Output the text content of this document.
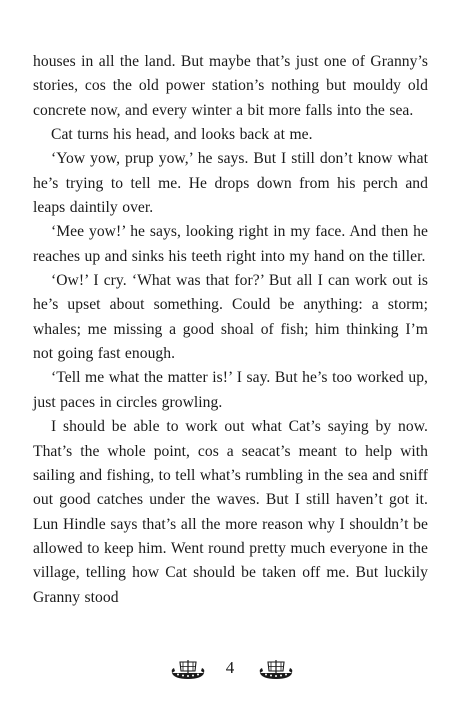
houses in all the land. But maybe that’s just one of Granny’s stories, cos the old power station’s nothing but mouldy old concrete now, and every winter a bit more falls into the sea.

Cat turns his head, and looks back at me.

‘Yow yow, prup yow,’ he says. But I still don’t know what he’s trying to tell me. He drops down from his perch and leaps daintily over.

‘Mee yow!’ he says, looking right in my face. And then he reaches up and sinks his teeth right into my hand on the tiller.

‘Ow!’ I cry. ‘What was that for?’ But all I can work out is he’s upset about something. Could be anything: a storm; whales; me missing a good shoal of fish; him thinking I’m not going fast enough.

‘Tell me what the matter is!’ I say. But he’s too worked up, just paces in circles growling.

I should be able to work out what Cat’s saying by now. That’s the whole point, cos a seacat’s meant to help with sailing and fishing, to tell what’s rumbling in the sea and sniff out good catches under the waves. But I still haven’t got it. Lun Hindle says that’s all the more reason why I shouldn’t be allowed to keep him. Went round pretty much everyone in the village, telling how Cat should be taken off me. But luckily Granny stood

4
